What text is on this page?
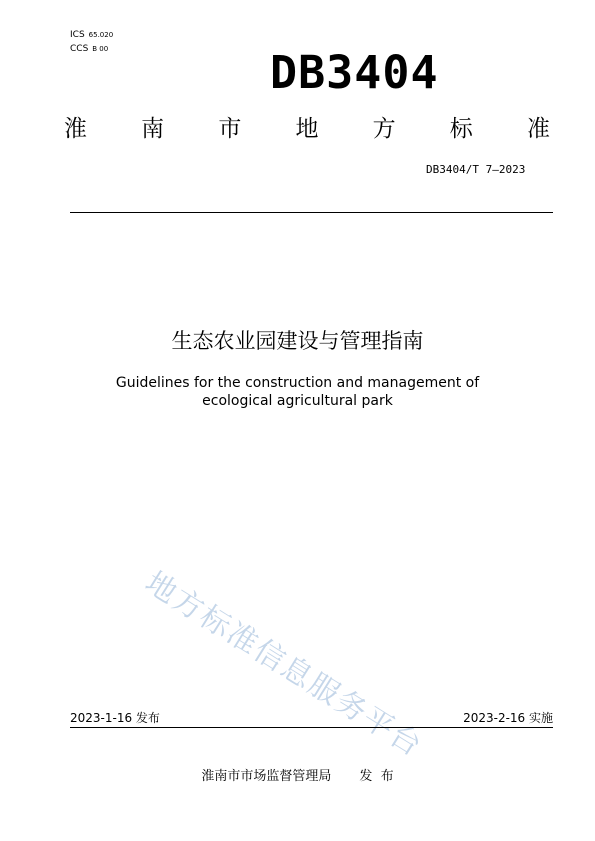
ICS 65.020
CCS B 00	DB3404
淮 南 市 地 方 标 准
DB3404/T 7—2023
生态农业园建设与管理指南
Guidelines for the construction and management of ecological agricultural park
地方标准信息服务平台
2023-1-16 发布	2023-2-16 实施
淮南市市场监督管理局 发  布
